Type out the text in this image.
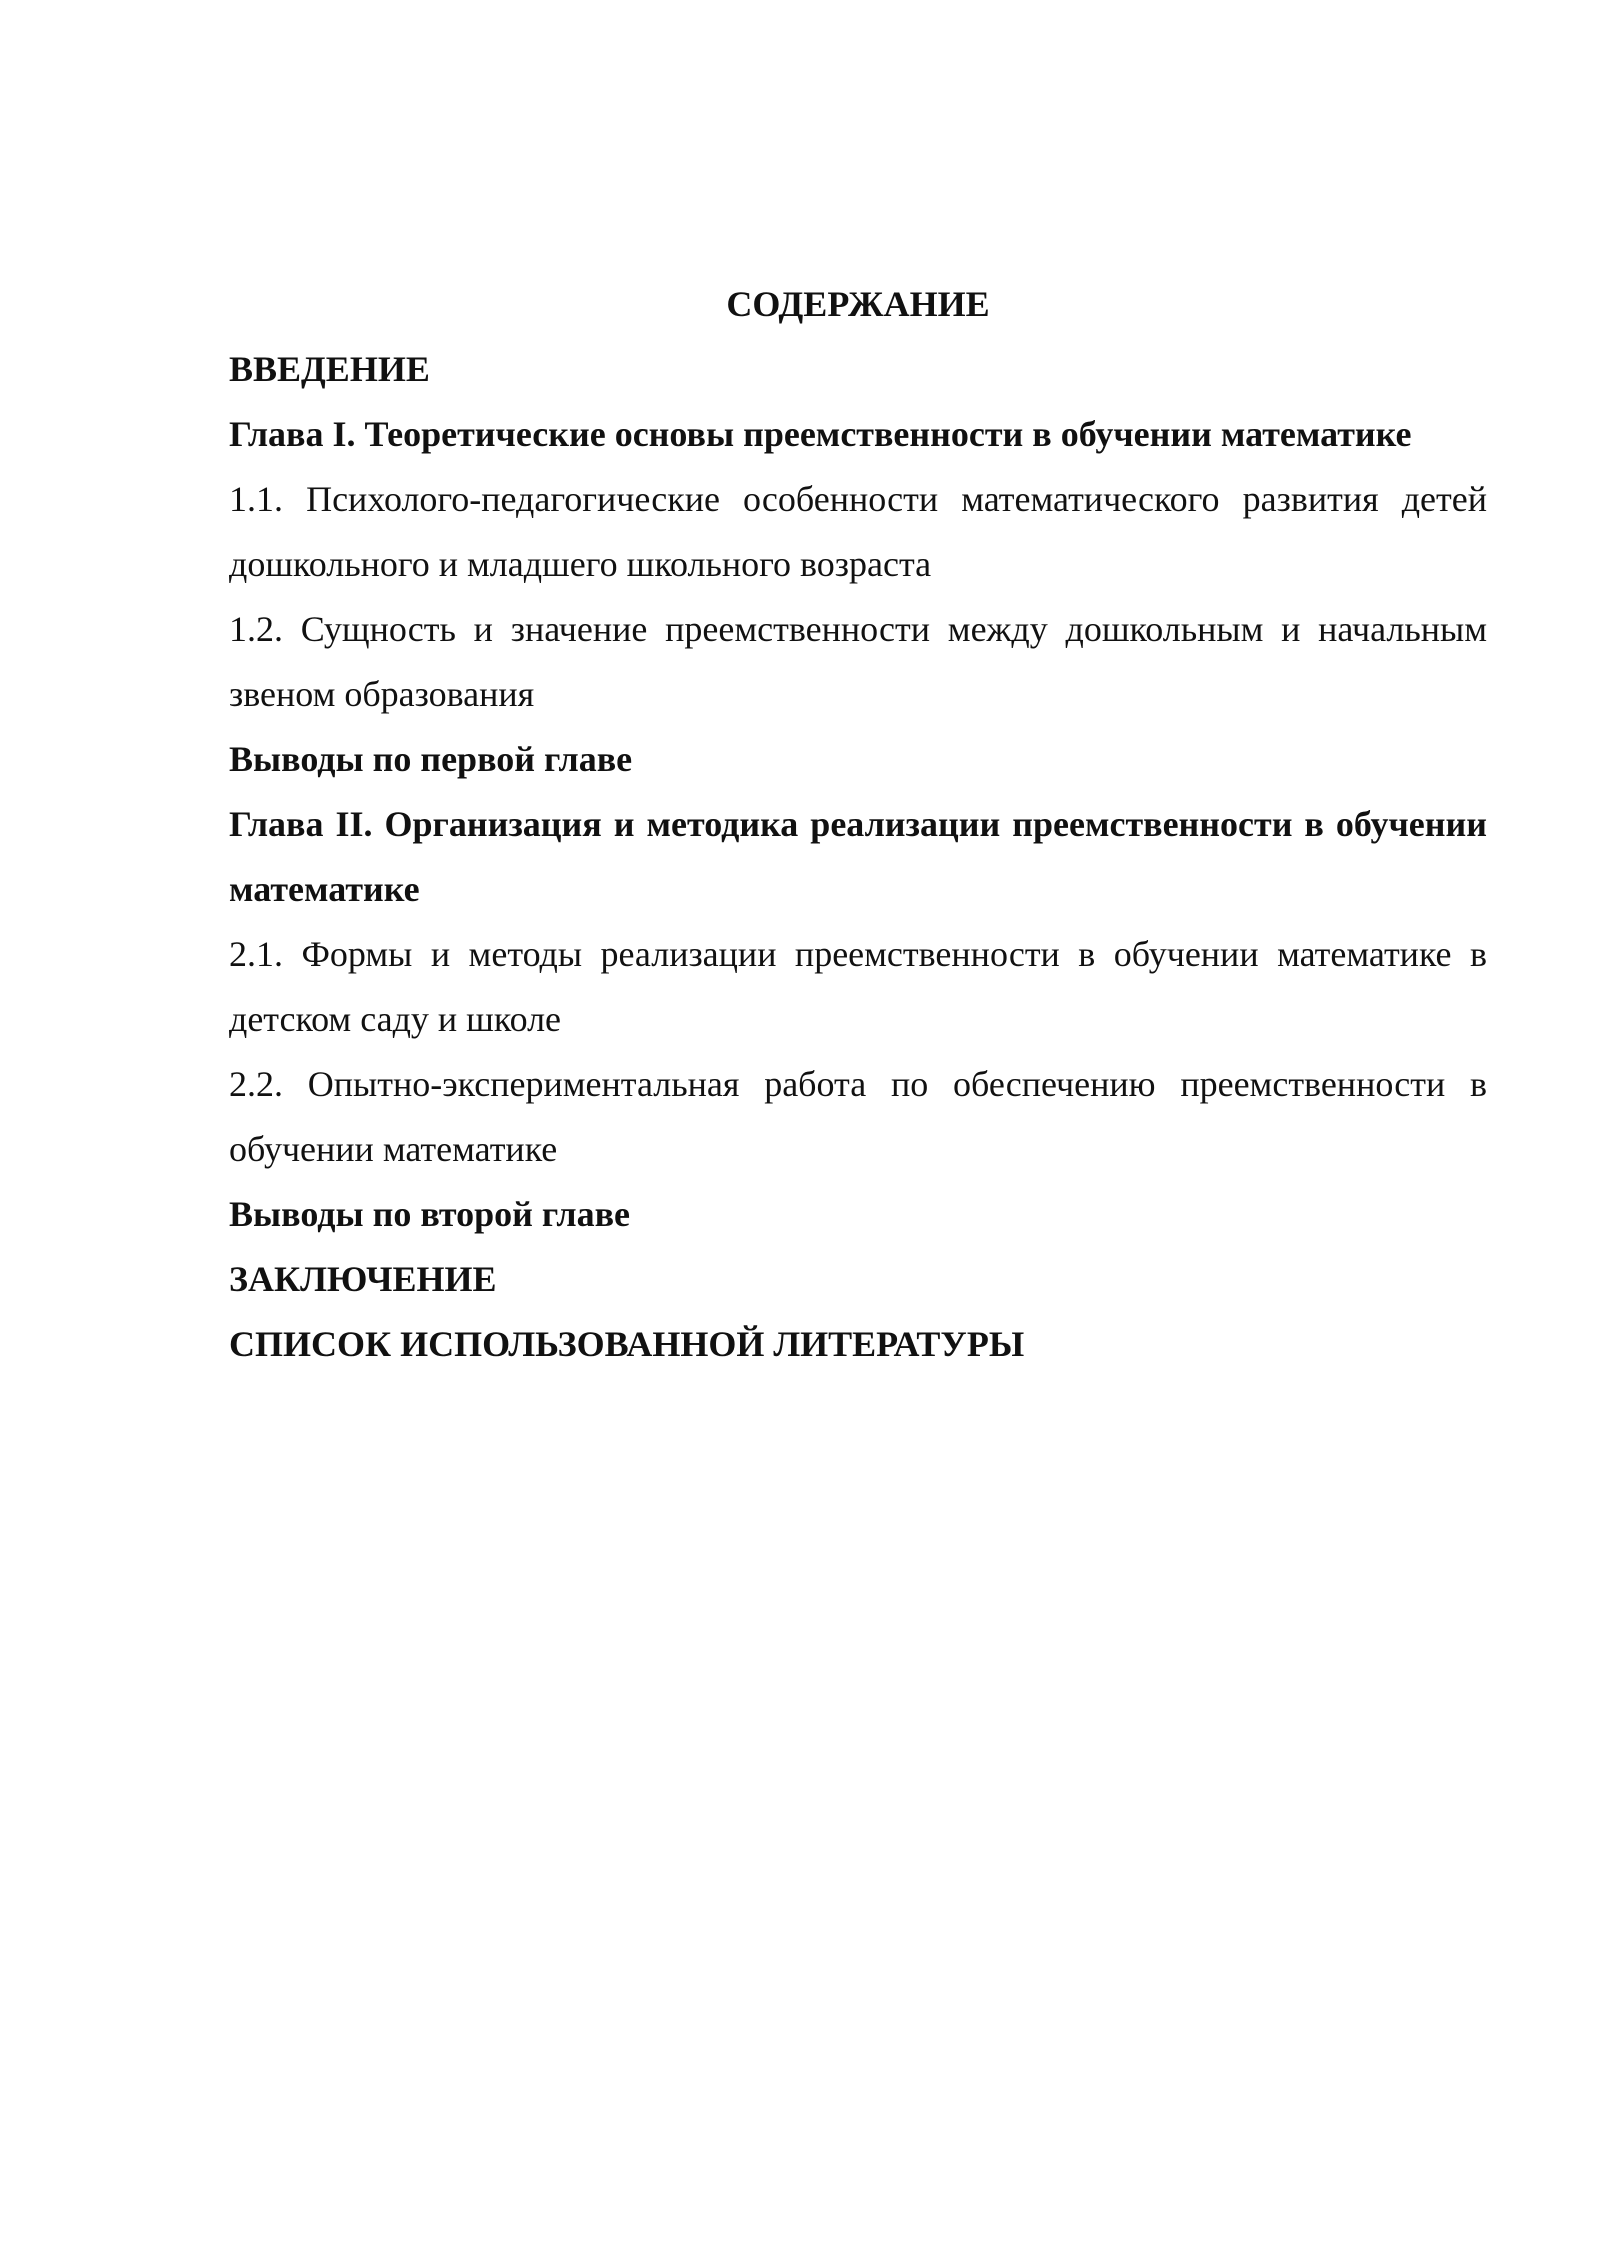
СОДЕРЖАНИЕ

ВВЕДЕНИЕ

Глава I. Теоретические основы преемственности в обучении математике

1.1. Психолого-педагогические особенности математического развития детей дошкольного и младшего школьного возраста

1.2. Сущность и значение преемственности между дошкольным и начальным звеном образования

Выводы по первой главе

Глава II. Организация и методика реализации преемственности в обучении математике

2.1. Формы и методы реализации преемственности в обучении математике в детском саду и школе

2.2. Опытно-экспериментальная работа по обеспечению преемственности в обучении математике

Выводы по второй главе

ЗАКЛЮЧЕНИЕ

СПИСОК ИСПОЛЬЗОВАННОЙ ЛИТЕРАТУРЫ
